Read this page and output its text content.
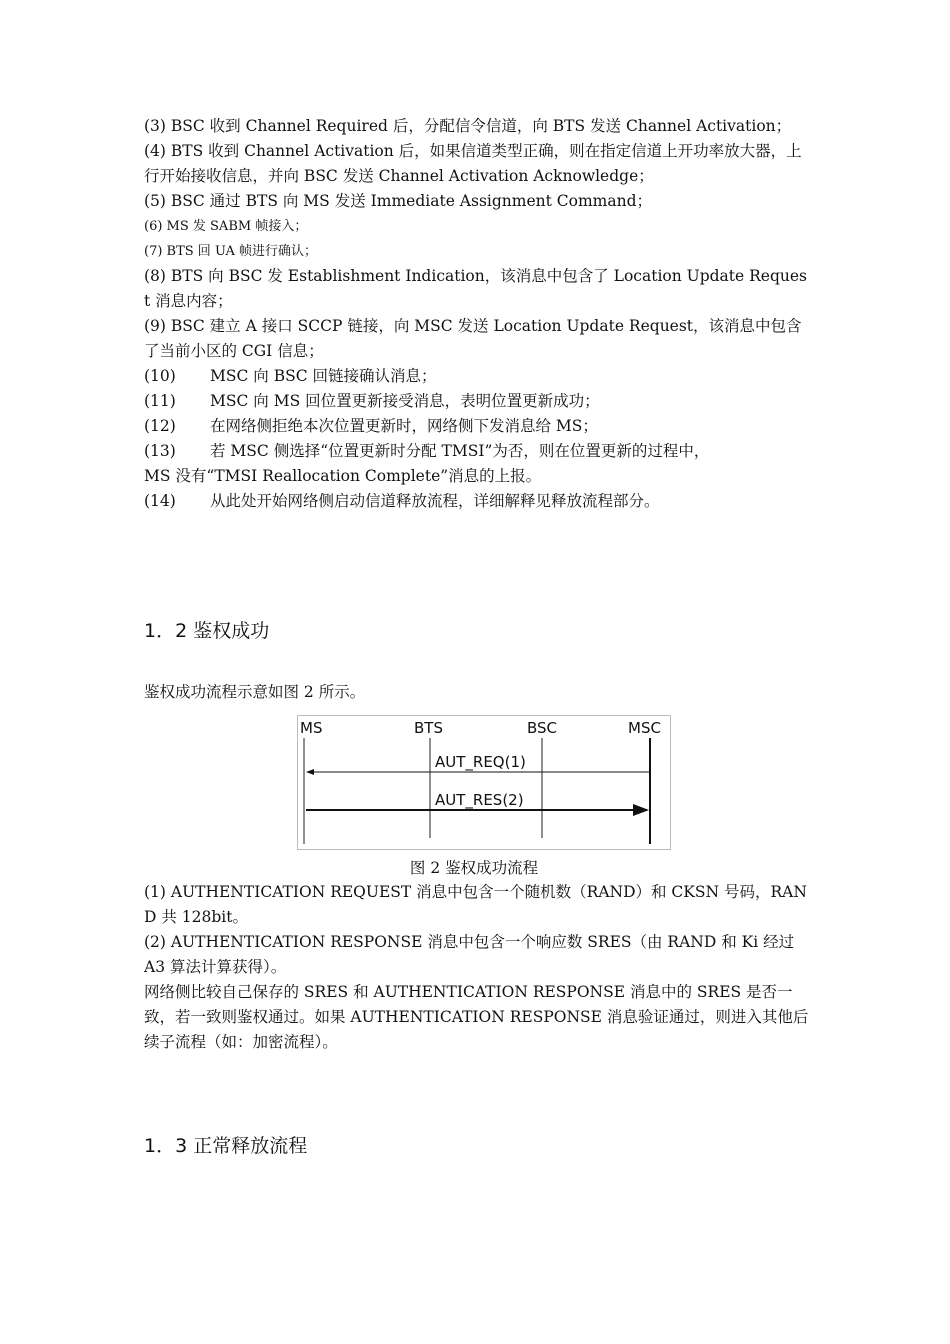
(3) BSC 收到 Channel Required 后，分配信令信道，向 BTS 发送 Channel Activation；

(4) BTS 收到 Channel Activation 后，如果信道类型正确，则在指定信道上开功率放大器，上行开始接收信息，并向 BSC 发送 Channel Activation Acknowledge；

(5) BSC 通过 BTS 向 MS 发送 Immediate Assignment Command；

(6) MS 发 SABM 帧接入；

(7) BTS 回 UA 帧进行确认；

(8) BTS 向 BSC 发 Establishment Indication，该消息中包含了 Location Update Request 消息内容；

(9) BSC 建立 A 接口 SCCP 链接，向 MSC 发送 Location Update Request，该消息中包含了当前小区的 CGI 信息；

(10)	MSC 向 BSC 回链接确认消息；
(11)	MSC 向 MS 回位置更新接受消息，表明位置更新成功；
(12)	在网络侧拒绝本次位置更新时，网络侧下发消息给 MS；
(13)	若 MSC 侧选择“位置更新时分配 TMSI”为否，则在位置更新的过程中，
MS 没有“TMSI Reallocation Complete”消息的上报。
(14)	从此处开始网络侧启动信道释放流程，详细解释见释放流程部分。
1．2 鉴权成功

鉴权成功流程示意如图 2 所示。

MS	BTS	BSC	MSC
AUT_REQ(1)
AUT_RES(2)
图 2 鉴权成功流程

(1) AUTHENTICATION REQUEST 消息中包含一个随机数（RAND）和 CKSN 号码，RAND 共 128bit。

(2) AUTHENTICATION RESPONSE 消息中包含一个响应数 SRES（由 RAND 和 Ki 经过 A3 算法计算获得）。

网络侧比较自己保存的 SRES 和 AUTHENTICATION RESPONSE 消息中的 SRES 是否一致，若一致则鉴权通过。如果 AUTHENTICATION RESPONSE 消息验证通过，则进入其他后续子流程（如：加密流程）。

1．3 正常释放流程
